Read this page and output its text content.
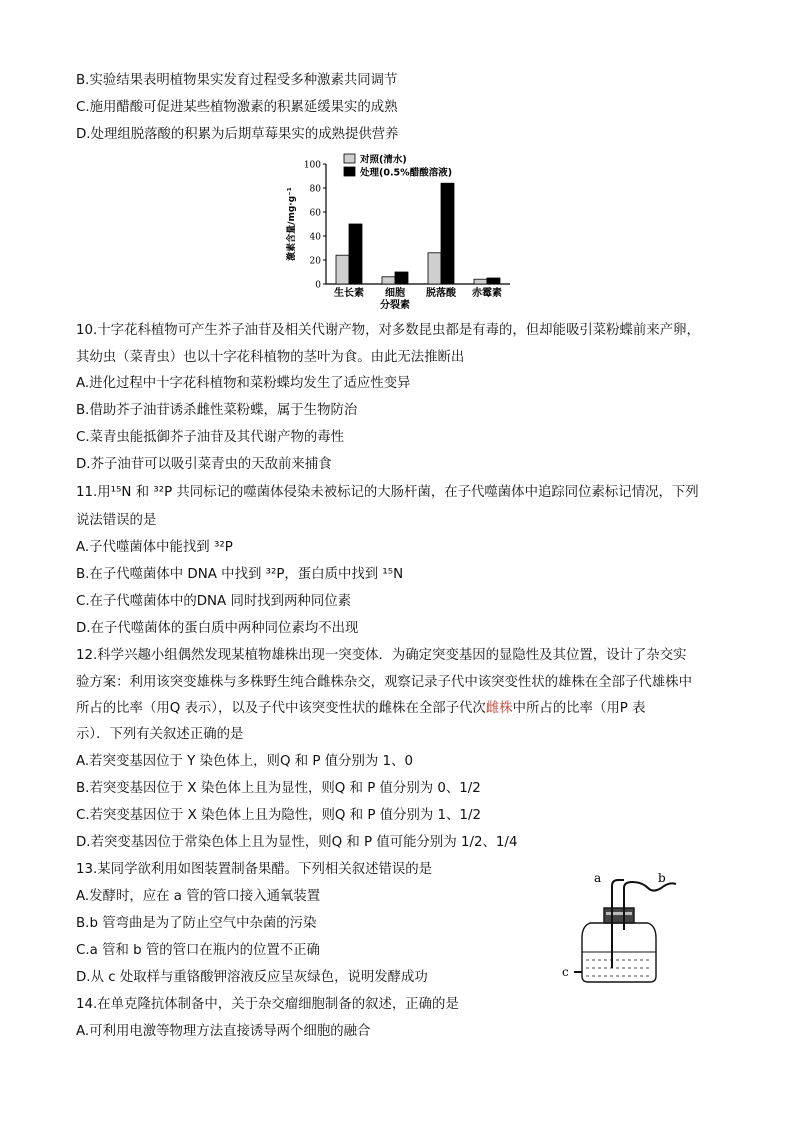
B.实验结果表明植物果实发育过程受多种激素共同调节
C.施用醋酸可促进某些植物激素的积累延缓果实的成熟
D.处理组脱落酸的积累为后期草莓果实的成熟提供营养
0
20
40
60
80
100
激素含量/mg·g⁻¹
生长素 细胞
分裂素
脱落酸 赤霉素
对照(清水)
处理(0.5%醋酸溶液)
10.十字花科植物可产生芥子油苷及相关代谢产物，对多数昆虫都是有毒的，但却能吸引菜粉蝶前来产卵，
其幼虫（菜青虫）也以十字花科植物的茎叶为食。由此无法推断出
A.进化过程中十字花科植物和菜粉蝶均发生了适应性变异
B.借助芥子油苷诱杀雌性菜粉蝶，属于生物防治
C.菜青虫能抵御芥子油苷及其代谢产物的毒性
D.芥子油苷可以吸引菜青虫的天敌前来捕食
11.用¹⁵N 和 ³²P 共同标记的噬菌体侵染未被标记的大肠杆菌，在子代噬菌体中追踪同位素标记情况，下列
说法错误的是
A.子代噬菌体中能找到 ³²P
B.在子代噬菌体中 DNA 中找到 ³²P，蛋白质中找到 ¹⁵N
C.在子代噬菌体中的DNA 同时找到两种同位素
D.在子代噬菌体的蛋白质中两种同位素均不出现
12.科学兴趣小组偶然发现某植物雄株出现一突变体．为确定突变基因的显隐性及其位置，设计了杂交实
验方案：利用该突变雄株与多株野生纯合雌株杂交，观察记录子代中该突变性状的雄株在全部子代雄株中
所占的比率（用Q 表示），以及子代中该突变性状的雌株在全部子代次雌株中所占的比率（用P 表
示）．下列有关叙述正确的是
A.若突变基因位于 Y 染色体上，则Q 和 P 值分别为 1、0
B.若突变基因位于 X 染色体上且为显性，则Q 和 P 值分别为 0、1/2
C.若突变基因位于 X 染色体上且为隐性，则Q 和 P 值分别为 1、1/2
D.若突变基因位于常染色体上且为显性，则Q 和 P 值可能分别为 1/2、1/4
13.某同学欲利用如图装置制备果醋。下列相关叙述错误的是
A.发酵时，应在 a 管的管口接入通氧装置
B.b 管弯曲是为了防止空气中杂菌的污染
C.a 管和 b 管的管口在瓶内的位置不正确
D.从 c 处取样与重铬酸钾溶液反应呈灰绿色，说明发酵成功
14.在单克隆抗体制备中，关于杂交瘤细胞制备的叙述，正确的是
A.可利用电激等物理方法直接诱导两个细胞的融合
a	b
c
